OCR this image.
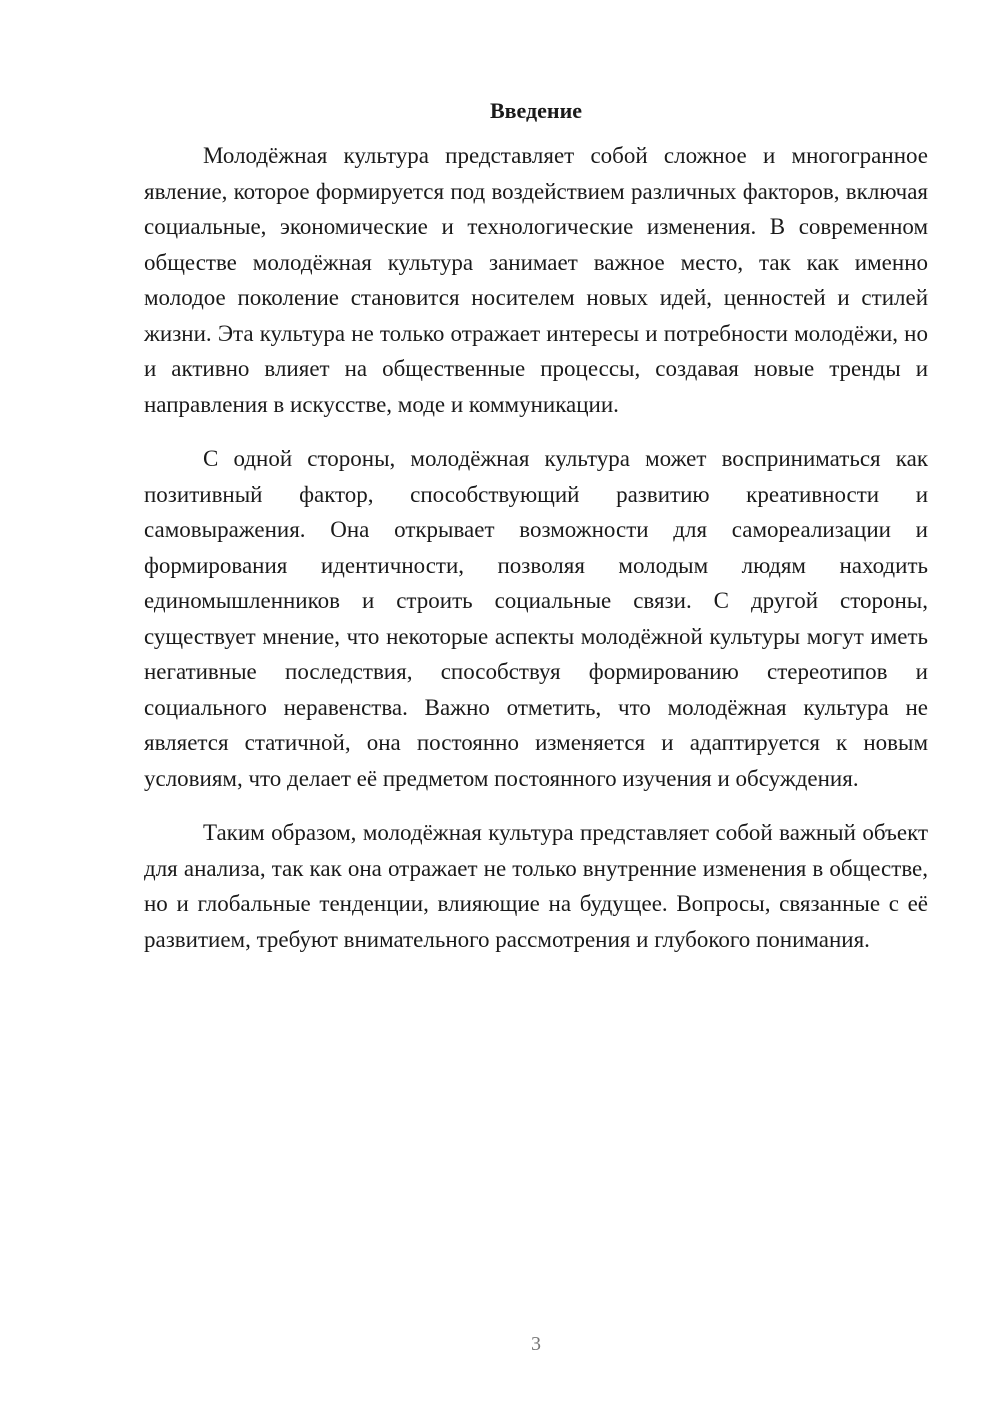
Введение

Молодёжная культура представляет собой сложное и многогранное явление, которое формируется под воздействием различных факторов, включая социальные, экономические и технологические изменения. В современном обществе молодёжная культура занимает важное место, так как именно молодое поколение становится носителем новых идей, ценностей и стилей жизни. Эта культура не только отражает интересы и потребности молодёжи, но и активно влияет на общественные процессы, создавая новые тренды и направления в искусстве, моде и коммуникации.

С одной стороны, молодёжная культура может восприниматься как позитивный фактор, способствующий развитию креативности и самовыражения. Она открывает возможности для самореализации и формирования идентичности, позволяя молодым людям находить единомышленников и строить социальные связи. С другой стороны, существует мнение, что некоторые аспекты молодёжной культуры могут иметь негативные последствия, способствуя формированию стереотипов и социального неравенства. Важно отметить, что молодёжная культура не является статичной, она постоянно изменяется и адаптируется к новым условиям, что делает её предметом постоянного изучения и обсуждения.

Таким образом, молодёжная культура представляет собой важный объект для анализа, так как она отражает не только внутренние изменения в обществе, но и глобальные тенденции, влияющие на будущее. Вопросы, связанные с её развитием, требуют внимательного рассмотрения и глубокого понимания.

3
